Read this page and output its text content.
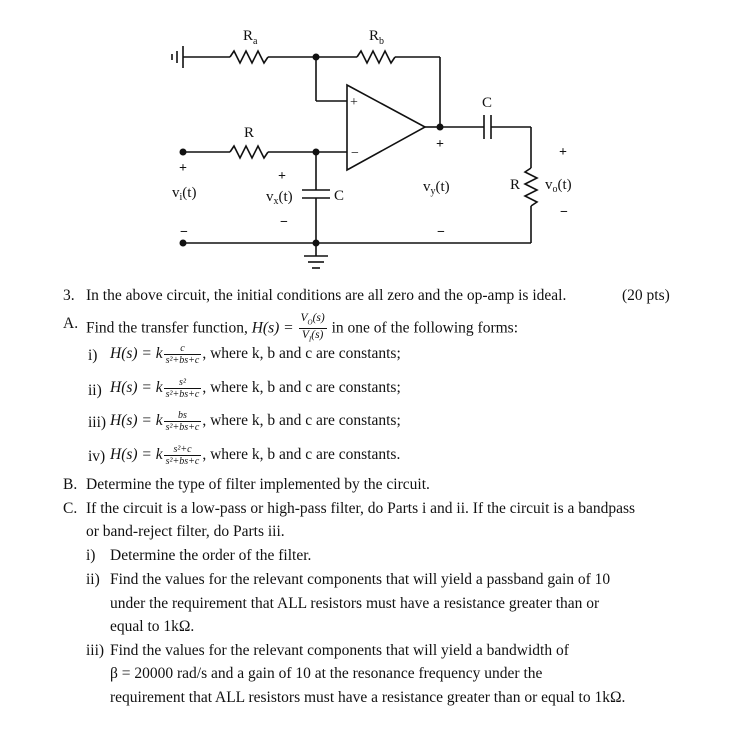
$R_a$	$R_b$
R
C
C
R
+
−
+
−
+
−
+
−
+
−
$v_i(t)$	$v_x(t)$
$v_y(t)$	$v_o(t)$
3. In the above circuit, the initial conditions are all zero and the op-amp is ideal.	(20 pts)
A. Find the transfer function, $H(s) = \frac{V_O(s)}{V_I(s)}$ in one of the following forms:
i) H(s) = k $\frac{c}{\text{s²+bs+c}}$ , where k, b and c are constants;
ii) H(s) = k $\frac{\text{s²}}{\text{s²+bs+c}}$ , where k, b and c are constants;
iii) H(s) = k $\frac{bs}{\text{s²+bs+c}}$ , where k, b and c are constants;
iv) H(s) = k $\frac{\text{s²+c}}{\text{s²+bs+c}}$ , where k, b and c are constants.
B. Determine the type of filter implemented by the circuit.
C. If the circuit is a low-pass or high-pass filter, do Parts i and ii. If the circuit is a bandpass
or band-reject filter, do Parts iii.
i) Determine the order of the filter.
ii) Find the values for the relevant components that will yield a passband gain of 10
under the requirement that ALL resistors must have a resistance greater than or
equal to 1kΩ.
iii) Find the values for the relevant components that will yield a bandwidth of
β = 20000 rad/s and a gain of 10 at the resonance frequency under the
requirement that ALL resistors must have a resistance greater than or equal to 1kΩ.
